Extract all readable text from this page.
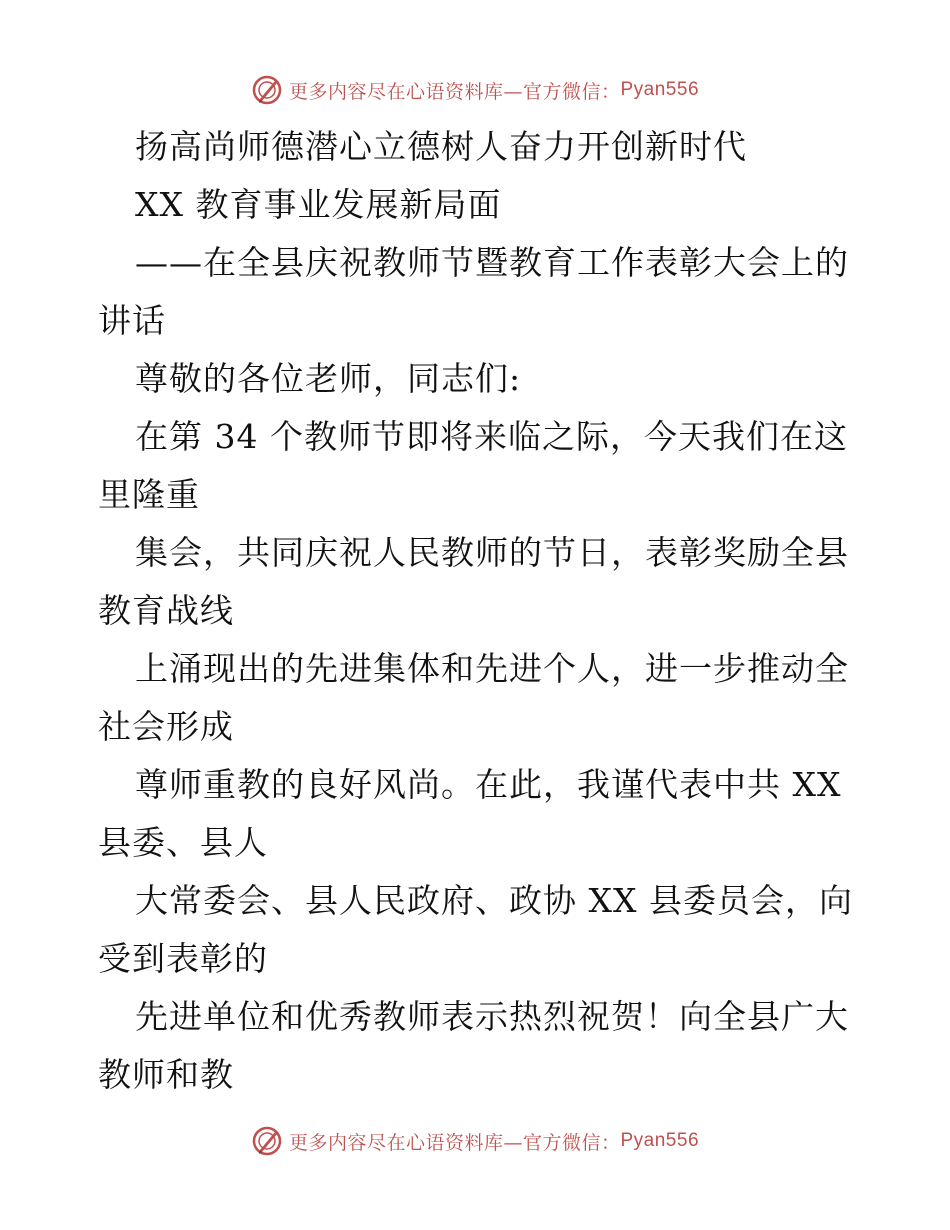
更多内容尽在心语资料库—官方微信： Pyan556
扬高尚师德潜心立德树人奋力开创新时代
XX 教育事业发展新局面
——在全县庆祝教师节暨教育工作表彰大会上的
讲话
尊敬的各位老师，同志们:
在第 34 个教师节即将来临之际，今天我们在这
里隆重
集会，共同庆祝人民教师的节日，表彰奖励全县
教育战线
上涌现出的先进集体和先进个人，进一步推动全
社会形成
尊师重教的良好风尚。在此，我谨代表中共 XX
县委、县人
大常委会、县人民政府、政协 XX 县委员会，向
受到表彰的
先进单位和优秀教师表示热烈祝贺！向全县广大
教师和教
更多内容尽在心语资料库—官方微信： Pyan556
